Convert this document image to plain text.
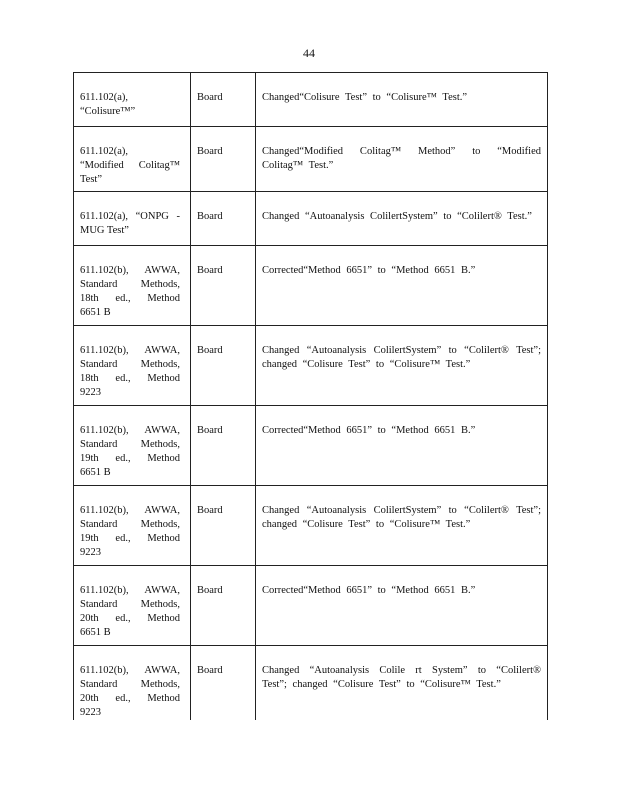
44
611.102(a),
“Colisure™”	Board	Changed“Colisure Test” to “Colisure™ Test.”

611.102(a),
“Modified Colitag™
Test”	Board	Changed“Modified Colitag™ Method” to “Modified Colitag™ Test.”

611.102(a), “ONPG -
MUG Test”	Board	Changed “Autoanalysis ColilertSystem” to “Colilert® Test.”

611.102(b), AWWA,
Standard Methods,
18th ed., Method
6651 B	Board	Corrected“Method 6651” to “Method 6651 B.”

611.102(b), AWWA,
Standard Methods,
18th ed., Method
9223	Board	Changed “Autoanalysis ColilertSystem” to “Colilert® Test”; changed “Colisure Test” to “Colisure™ Test.”

611.102(b), AWWA,
Standard Methods,
19th ed., Method
6651 B	Board	Corrected“Method 6651” to “Method 6651 B.”

611.102(b), AWWA,
Standard Methods,
19th ed., Method
9223	Board	Changed “Autoanalysis ColilertSystem” to “Colilert® Test”; changed “Colisure Test” to “Colisure™ Test.”

611.102(b), AWWA,
Standard Methods,
20th ed., Method
6651 B	Board	Corrected“Method 6651” to “Method 6651 B.”

611.102(b), AWWA,
Standard Methods,
20th ed., Method
9223	Board	Changed “Autoanalysis Colile rt System” to “Colilert® Test”; changed “Colisure Test” to “Colisure™ Test.”
